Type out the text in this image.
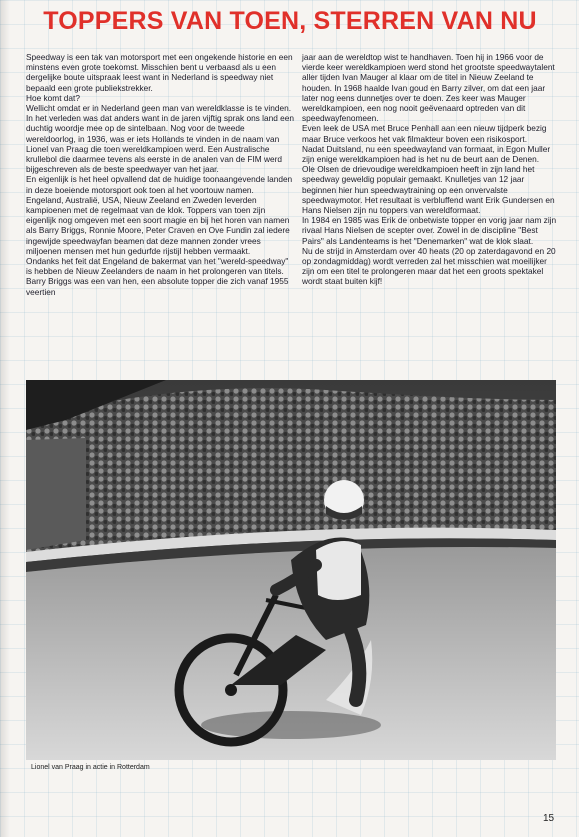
TOPPERS VAN TOEN, STERREN VAN NU

Speedway is een tak van motorsport met een ongekende historie en een minstens even grote toekomst. Misschien bent u verbaasd als u een dergelijke boute uitspraak leest want in Nederland is speedway niet bepaald een grote publiekstrekker.

Hoe komt dat?

Wellicht omdat er in Nederland geen man van wereldklasse is te vinden. In het verleden was dat anders want in de jaren vijftig sprak ons land een duchtig woordje mee op de sintelbaan. Nog voor de tweede wereldoorlog, in 1936, was er iets Hollands te vinden in de naam van Lionel van Praag die toen wereldkampioen werd. Een Australische krullebol die daarmee tevens als eerste in de analen van de FIM werd bijgeschreven als de beste speedwayer van het jaar.

En eigenlijk is het heel opvallend dat de huidige toonaangevende landen in deze boeiende motorsport ook toen al het voortouw namen.

Engeland, Australië, USA, Nieuw Zeeland en Zweden leverden kampioenen met de regelmaat van de klok. Toppers van toen zijn eigenlijk nog omgeven met een soort magie en bij het horen van namen als Barry Briggs, Ronnie Moore, Peter Craven en Ove Fundin zal iedere ingewijde speedwayfan beamen dat deze mannen zonder vrees miljoenen mensen met hun gedurfde rijstijl hebben vermaakt.

Ondanks het feit dat Engeland de bakermat van het "wereld-speedway" is hebben de Nieuw Zeelanders de naam in het prolongeren van titels. Barry Briggs was een van hen, een absolute topper die zich vanaf 1955 veertien

jaar aan de wereldtop wist te handhaven. Toen hij in 1966 voor de vierde keer wereldkampioen werd stond het grootste speedwaytalent aller tijden Ivan Mauger al klaar om de titel in Nieuw Zeeland te houden. In 1968 haalde Ivan goud en Barry zilver, om dat een jaar later nog eens dunnetjes over te doen. Zes keer was Mauger wereldkampioen, een nog nooit geëvenaard optreden van dit speedwayfenomeen.

Even leek de USA met Bruce Penhall aan een nieuw tijdperk bezig maar Bruce verkoos het vak filmakteur boven een risikosport.

Nadat Duitsland, nu een speedwayland van formaat, in Egon Muller zijn enige wereldkampioen had is het nu de beurt aan de Denen.

Ole Olsen de drievoudige wereldkampioen heeft in zijn land het speedway geweldig populair gemaakt. Knulletjes van 12 jaar beginnen hier hun speedwaytraining op een onvervalste speedwaymotor. Het resultaat is verbluffend want Erik Gundersen en Hans Nielsen zijn nu toppers van wereldformaat.

In 1984 en 1985 was Erik de onbetwiste topper en vorig jaar nam zijn rivaal Hans Nielsen de scepter over. Zowel in de discipline "Best Pairs" als Landenteams is het "Denemarken" wat de klok slaat.

Nu de strijd in Amsterdam over 40 heats (20 op zaterdagavond en 20 op zondagmiddag) wordt verreden zal het misschien wat moeilijker zijn om een titel te prolongeren maar dat het een groots spektakel wordt staat buiten kijf!

Lionel van Praag in actie in Rotterdam
15
